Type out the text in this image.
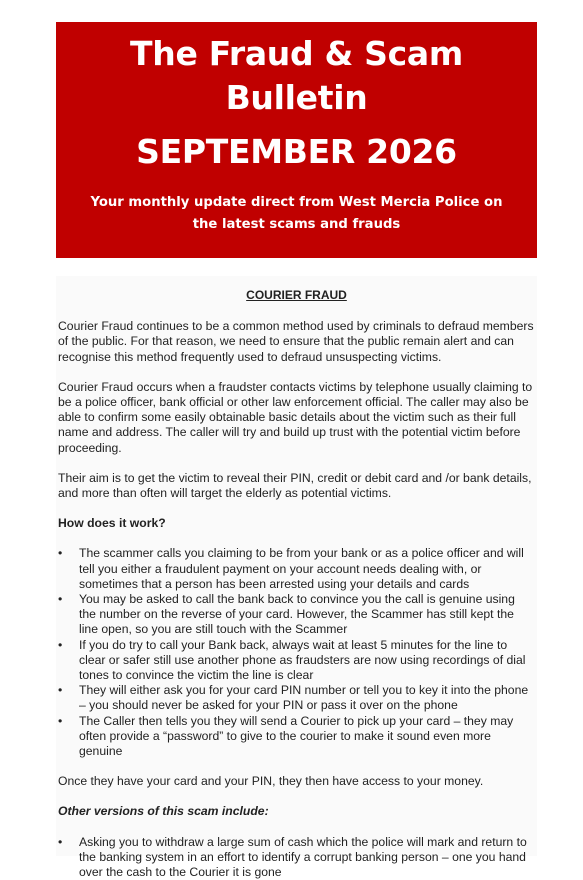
The Fraud & Scam
Bulletin
SEPTEMBER 2026
Your monthly update direct from West Mercia Police on the latest scams and frauds
COURIER FRAUD

Courier Fraud continues to be a common method used by criminals to defraud members of the public. For that reason, we need to ensure that the public remain alert and can recognise this method frequently used to defraud unsuspecting victims.

Courier Fraud occurs when a fraudster contacts victims by telephone usually claiming to be a police officer, bank official or other law enforcement official. The caller may also be able to confirm some easily obtainable basic details about the victim such as their full name and address. The caller will try and build up trust with the potential victim before proceeding.

Their aim is to get the victim to reveal their PIN, credit or debit card and /or bank details, and more than often will target the elderly as potential victims.

How does it work?

• The scammer calls you claiming to be from your bank or as a police officer and will tell you either a fraudulent payment on your account needs dealing with, or sometimes that a person has been arrested using your details and cards
• You may be asked to call the bank back to convince you the call is genuine using the number on the reverse of your card. However, the Scammer has still kept the line open, so you are still touch with the Scammer
• If you do try to call your Bank back, always wait at least 5 minutes for the line to clear or safer still use another phone as fraudsters are now using recordings of dial tones to convince the victim the line is clear
• They will either ask you for your card PIN number or tell you to key it into the phone – you should never be asked for your PIN or pass it over on the phone
• The Caller then tells you they will send a Courier to pick up your card – they may often provide a “password” to give to the courier to make it sound even more genuine

Once they have your card and your PIN, they then have access to your money.

Other versions of this scam include:

• Asking you to withdraw a large sum of cash which the police will mark and return to the banking system in an effort to identify a corrupt banking person – one you hand over the cash to the Courier it is gone
